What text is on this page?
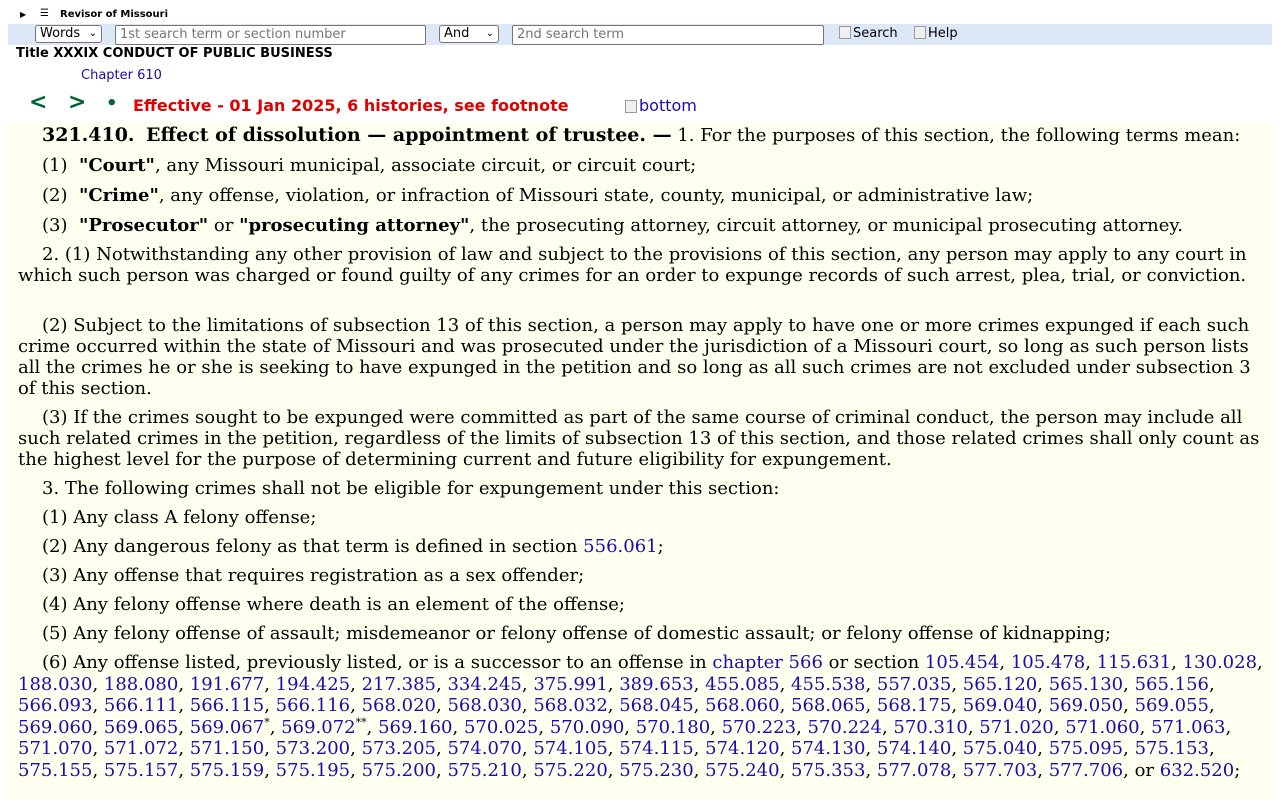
▶ ☰ Revisor of Missouri
Words ⌄	1st search term or section number	And ⌄	2nd search term	Search	Help
Title XXXIX CONDUCT OF PUBLIC BUSINESS
Chapter 610
< > • Effective - 01 Jan 2025, 6 histories, see footnote	bottom

321.410. Effect of dissolution — appointment of trustee. — 1. For the purposes of this section, the following terms mean:

(1) "Court", any Missouri municipal, associate circuit, or circuit court;

(2) "Crime", any offense, violation, or infraction of Missouri state, county, municipal, or administrative law;

(3) "Prosecutor" or "prosecuting attorney", the prosecuting attorney, circuit attorney, or municipal prosecuting attorney.

2. (1) Notwithstanding any other provision of law and subject to the provisions of this section, any person may apply to any court in which such person was charged or found guilty of any crimes for an order to expunge records of such arrest, plea, trial, or conviction.

(2) Subject to the limitations of subsection 13 of this section, a person may apply to have one or more crimes expunged if each such crime occurred within the state of Missouri and was prosecuted under the jurisdiction of a Missouri court, so long as such person lists all the crimes he or she is seeking to have expunged in the petition and so long as all such crimes are not excluded under subsection 3 of this section.

(3) If the crimes sought to be expunged were committed as part of the same course of criminal conduct, the person may include all such related crimes in the petition, regardless of the limits of subsection 13 of this section, and those related crimes shall only count as the highest level for the purpose of determining current and future eligibility for expungement.

3. The following crimes shall not be eligible for expungement under this section:

(1) Any class A felony offense;

(2) Any dangerous felony as that term is defined in section 556.061;

(3) Any offense that requires registration as a sex offender;

(4) Any felony offense where death is an element of the offense;

(5) Any felony offense of assault; misdemeanor or felony offense of domestic assault; or felony offense of kidnapping;

(6) Any offense listed, previously listed, or is a successor to an offense in chapter 566 or section 105.454, 105.478, 115.631, 130.028, 188.030, 188.080, 191.677, 194.425, 217.385, 334.245, 375.991, 389.653, 455.085, 455.538, 557.035, 565.120, 565.130, 565.156, 566.093, 566.111, 566.115, 566.116, 568.020, 568.030, 568.032, 568.045, 568.060, 568.065, 568.175, 569.040, 569.050, 569.055, 569.060, 569.065, 569.067*, 569.072**, 569.160, 570.025, 570.090, 570.180, 570.223, 570.224, 570.310, 571.020, 571.060, 571.063, 571.070, 571.072, 571.150, 573.200, 573.205, 574.070, 574.105, 574.115, 574.120, 574.130, 574.140, 575.040, 575.095, 575.153, 575.155, 575.157, 575.159, 575.195, 575.200, 575.210, 575.220, 575.230, 575.240, 575.353, 577.078, 577.703, 577.706, or 632.520;
